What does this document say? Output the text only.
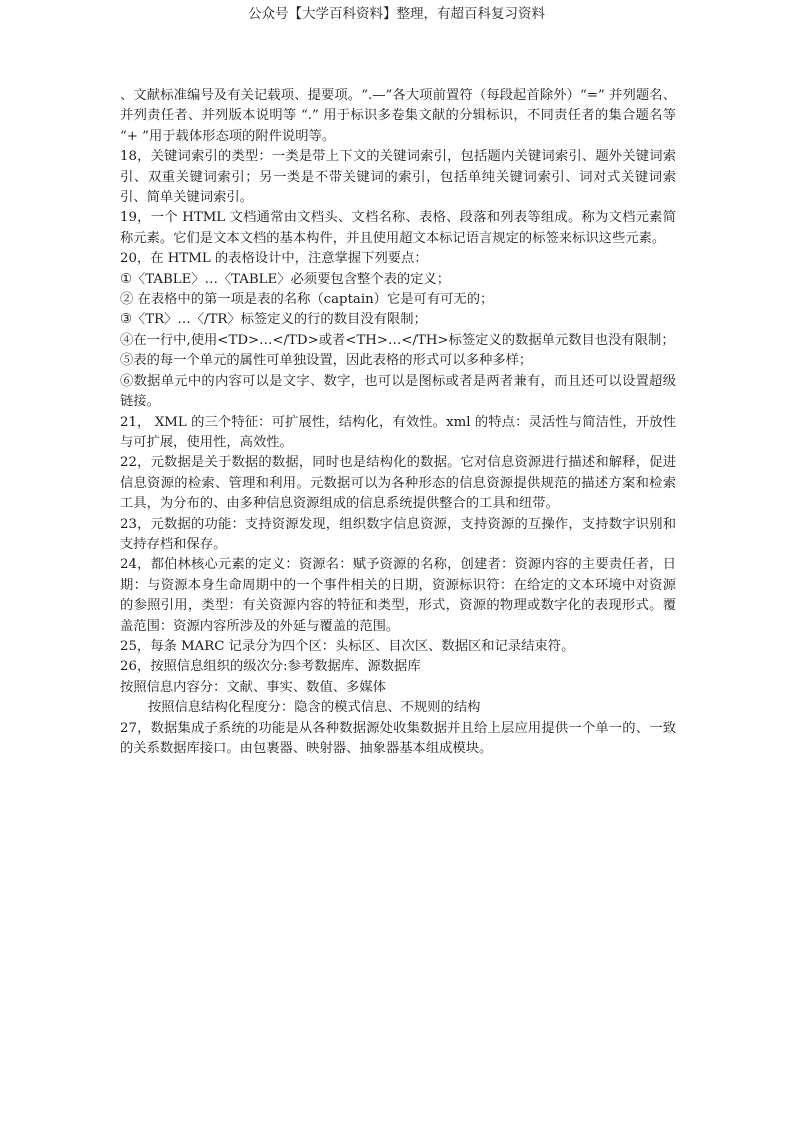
公众号【大学百科资料】整理，有超百科复习资料

、文献标准编号及有关记载项、提要项。“.—”各大项前置符（每段起首除外）“=” 并列题名、并列责任者、并列版本说明等 “.” 用于标识多卷集文献的分辑标识，不同责任者的集合题名等 “+ ”用于载体形态项的附件说明等。

18，关键词索引的类型：一类是带上下文的关键词索引，包括题内关键词索引、题外关键词索引、双重关键词索引；另一类是不带关键词的索引，包括单纯关键词索引、词对式关键词索引、简单关键词索引。

19，一个 HTML 文档通常由文档头、文档名称、表格、段落和列表等组成。称为文档元素简称元素。它们是文本文档的基本构件，并且使用超文本标记语言规定的标签来标识这些元素。

20，在 HTML 的表格设计中，注意掌握下列要点：

①〈TABLE〉…〈TABLE〉必须要包含整个表的定义；

② 在表格中的第一项是表的名称（captain）它是可有可无的；

③〈TR〉…〈/TR〉标签定义的行的数目没有限制；

④在一行中,使用<TD>…</TD>或者<TH>…</TH>标签定义的数据单元数目也没有限制；

⑤表的每一个单元的属性可单独设置，因此表格的形式可以多种多样；

⑥数据单元中的内容可以是文字、数字，也可以是图标或者是两者兼有，而且还可以设置超级链接。

21， XML 的三个特征：可扩展性，结构化，有效性。xml 的特点：灵活性与简洁性，开放性与可扩展，使用性，高效性。

22，元数据是关于数据的数据，同时也是结构化的数据。它对信息资源进行描述和解释，促进信息资源的检索、管理和利用。元数据可以为各种形态的信息资源提供规范的描述方案和检索工具，为分布的、由多种信息资源组成的信息系统提供整合的工具和纽带。

23，元数据的功能：支持资源发现，组织数字信息资源，支持资源的互操作，支持数字识别和支持存档和保存。

24，都伯林核心元素的定义：资源名：赋予资源的名称，创建者：资源内容的主要责任者，日期：与资源本身生命周期中的一个事件相关的日期，资源标识符：在给定的文本环境中对资源的参照引用，类型：有关资源内容的特征和类型，形式，资源的物理或数字化的表现形式。覆盖范围：资源内容所涉及的外延与覆盖的范围。

25，每条 MARC 记录分为四个区：头标区、目次区、数据区和记录结束符。

26，按照信息组织的级次分:参考数据库、源数据库

按照信息内容分：文献、事实、数值、多媒体

按照信息结构化程度分：隐含的模式信息、不规则的结构

27，数据集成子系统的功能是从各种数据源处收集数据并且给上层应用提供一个单一的、一致的关系数据库接口。由包裹器、映射器、抽象器基本组成模块。
